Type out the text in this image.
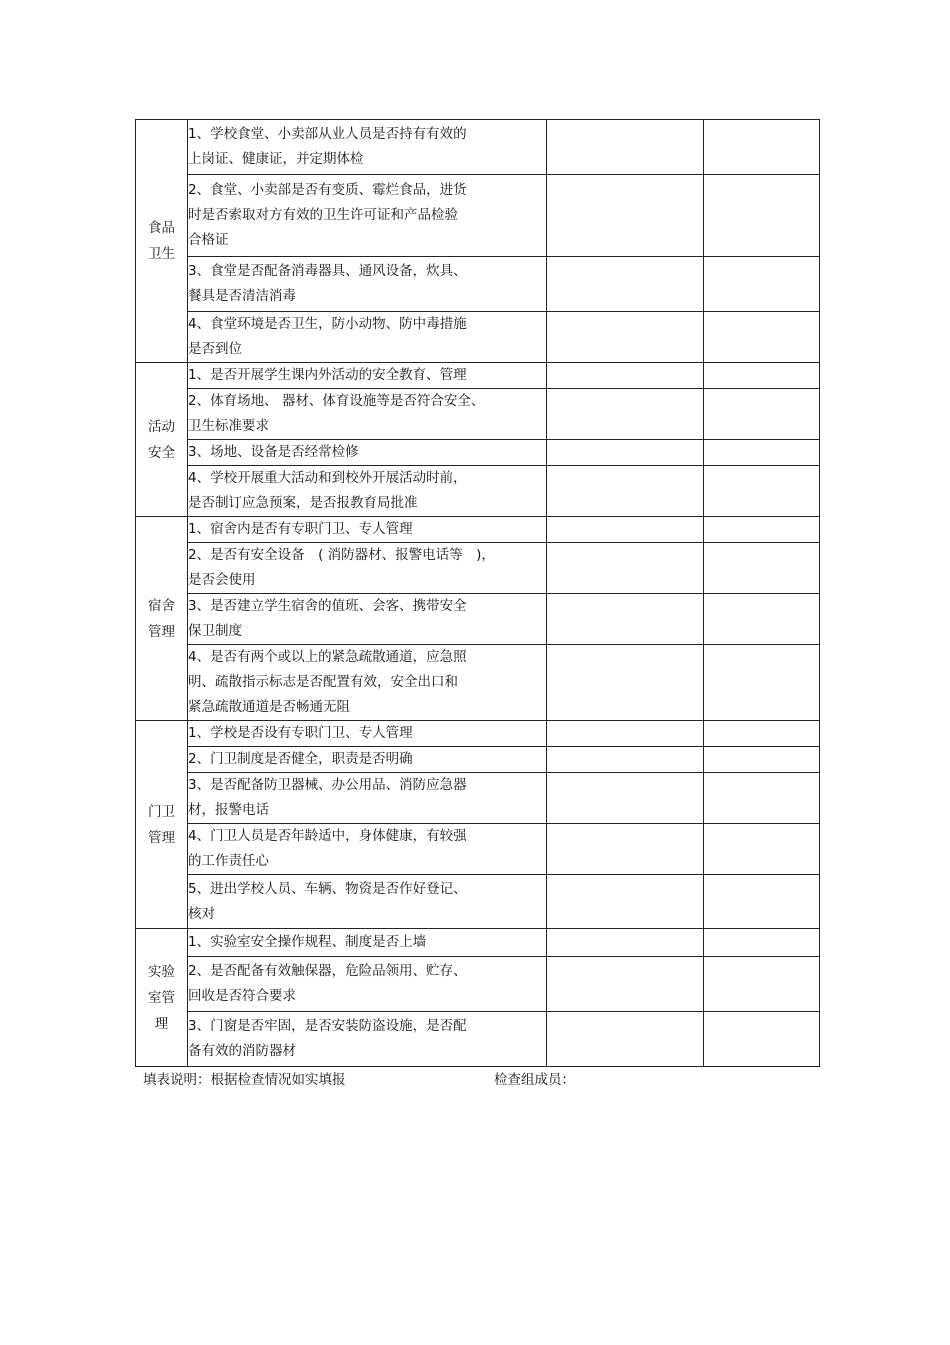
食品
卫生	1、学校食堂、小卖部从业人员是否持有有效的
上岗证、健康证，并定期体检		
	2、食堂、小卖部是否有变质、霉烂食品，进货
时是否索取对方有效的卫生许可证和产品检验
合格证		
	3、食堂是否配备消毒器具、通风设备，炊具、
餐具是否清洁消毒		
	4、食堂环境是否卫生，防小动物、防中毒措施
是否到位		

活动
安全	1、是否开展学生课内外活动的安全教育、管理		
	2、体育场地、 器材、体育设施等是否符合安全、
卫生标准要求		
	3、场地、设备是否经常检修		
	4、学校开展重大活动和到校外开展活动时前，
是否制订应急预案，是否报教育局批准		

宿舍
管理	1、宿舍内是否有专职门卫、专人管理		
	2、是否有安全设备　( 消防器材、报警电话等　)，
是否会使用		
	3、是否建立学生宿舍的值班、会客、携带安全
保卫制度		
	4、是否有两个或以上的紧急疏散通道，应急照
明、疏散指示标志是否配置有效，安全出口和
紧急疏散通道是否畅通无阻		

门卫
管理	1、学校是否设有专职门卫、专人管理		
	2、门卫制度是否健全，职责是否明确		
	3、是否配备防卫器械、办公用品、消防应急器
材，报警电话		
	4、门卫人员是否年龄适中，身体健康，有较强
的工作责任心		
	5、进出学校人员、车辆、物资是否作好登记、
核对		

实验
室管
理	1、实验室安全操作规程、制度是否上墙		
	2、是否配备有效触保器，危险品领用、贮存、
回收是否符合要求		
	3、门窗是否牢固，是否安装防盗设施，是否配
备有效的消防器材		
填表说明：根据检查情况如实填报	检查组成员：
